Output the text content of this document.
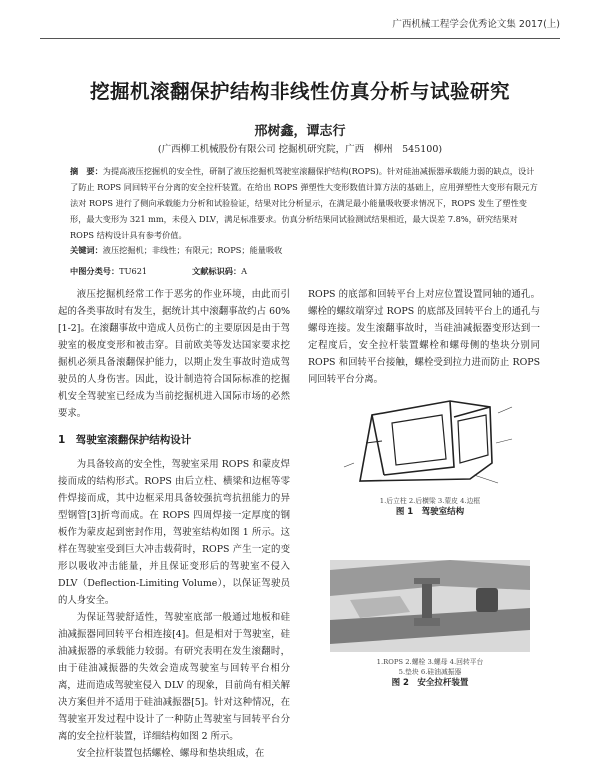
广西机械工程学会优秀论文集 2017(上)
挖掘机滚翻保护结构非线性仿真分析与试验研究
邢树鑫，谭志行
(广西柳工机械股份有限公司 挖掘机研究院，广西　柳州　545100)
摘　要：为提高液压挖掘机的安全性，研制了液压挖掘机驾驶室滚翻保护结构(ROPS)。针对硅油减振器承载能力弱的缺点，设计了防止 ROPS 同回转平台分离的安全拉杆装置。在给出 ROPS 弹塑性大变形数值计算方法的基础上，应用弹塑性大变形有限元方法对 ROPS 进行了侧向承载能力分析和试验验证，结果对比分析显示，在满足最小能量吸收要求情况下，ROPS 发生了塑性变形，最大变形为 321 mm，未侵入 DLV，满足标准要求。仿真分析结果同试验测试结果相近，最大误差 7.8%，研究结果对 ROPS 结构设计具有参考价值。
关键词：液压挖掘机；非线性；有限元；ROPS；能量吸收
中图分类号：TU621	文献标识码：A

液压挖掘机经常工作于恶劣的作业环境，由此而引起的各类事故时有发生，据统计其中滚翻事故约占 60%[1-2]。在滚翻事故中造成人员伤亡的主要原因是由于驾驶室的极度变形和被击穿。目前欧美等发达国家要求挖掘机必须具备滚翻保护能力，以期止发生事故时造成驾驶员的人身伤害。因此，设计制造符合国际标准的挖掘机安全驾驶室已经成为当前挖掘机进入国际市场的必然要求。

1　驾驶室滚翻保护结构设计

为具备较高的安全性，驾驶室采用 ROPS 和蒙皮焊接而成的结构形式。ROPS 由后立柱、横梁和边框等零件焊接而成，其中边框采用具备较强抗弯抗扭能力的异型钢管[3]折弯而成。在 ROPS 四周焊接一定厚度的钢板作为蒙皮起到密封作用，驾驶室结构如图 1 所示。这样在驾驶室受到巨大冲击载荷时，ROPS 产生一定的变形以吸收冲击能量，并且保证变形后的驾驶室不侵入 DLV（Deflection-Limiting Volume），以保证驾驶员的人身安全。

为保证驾驶舒适性，驾驶室底部一般通过地板和硅油减振器同回转平台相连接[4]。但是相对于驾驶室，硅油减振器的承载能力较弱。有研究表明在发生滚翻时，由于硅油减振器的失效会造成驾驶室与回转平台相分离，进而造成驾驶室侵入 DLV 的现象，目前尚有相关解决方案但并不适用于硅油减振器[5]。针对这种情况，在驾驶室开发过程中设计了一种防止驾驶室与回转平台分离的安全拉杆装置，详细结构如图 2 所示。

安全拉杆装置包括螺栓、螺母和垫块组成，在

ROPS 的底部和回转平台上对应位置设置同轴的通孔。螺栓的螺纹端穿过 ROPS 的底部及回转平台上的通孔与螺母连接。发生滚翻事故时，当硅油减振器变形达到一定程度后，安全拉杆装置螺栓和螺母侧的垫块分别同 ROPS 和回转平台接触，螺栓受到拉力进而防止 ROPS 同回转平台分离。

1.后立柱 2.后横梁 3.蒙皮 4.边框
图 1　驾驶室结构
1.ROPS 2.螺栓 3.螺母 4.回转平台
5.垫块 6.硅油减振器
图 2　安全拉杆装置
